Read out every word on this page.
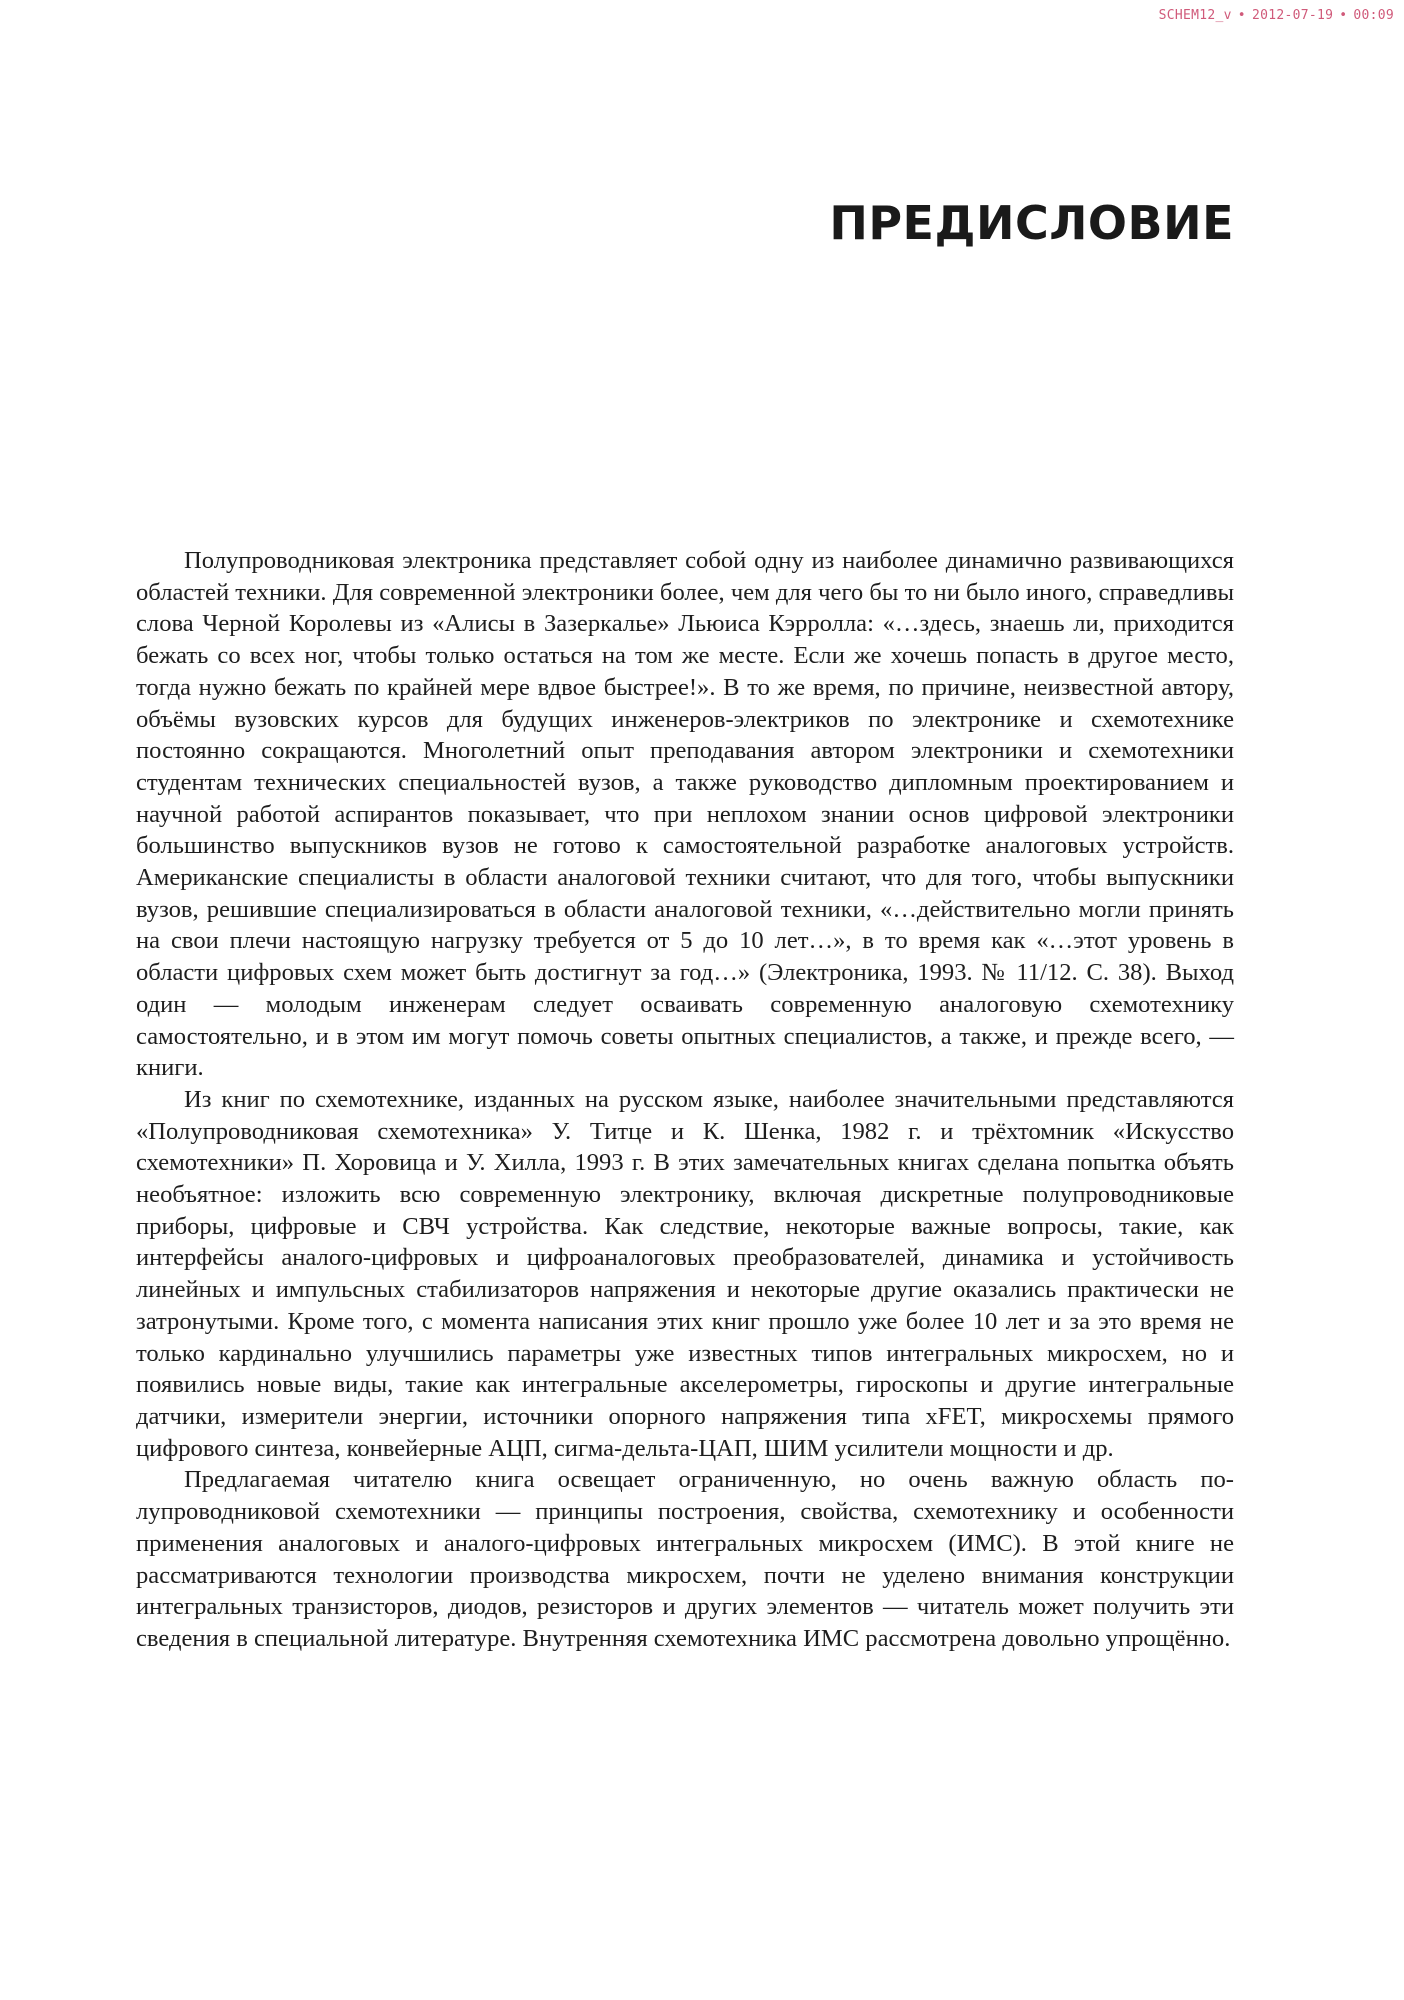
SCHEM12_v • 2012-07-19 • 00:09
ПРЕДИСЛОВИЕ

Полупроводниковая электроника представляет собой одну из наиболее динамично развивающихся областей техники. Для современной электроники более, чем для чего бы то ни было иного, справедливы слова Черной Королевы из «Алисы в Зазеркалье» Льюиса Кэрролла: «…здесь, знаешь ли, приходится бежать со всех ног, чтобы только остаться на том же месте. Если же хочешь попасть в другое место, тогда нужно бежать по крайней мере вдвое быстрее!». В то же время, по причине, неизвестной автору, объёмы вузовских курсов для будущих инженеров-электриков по электронике и схемотехнике постоянно сокращаются. Многолетний опыт преподавания автором электроники и схемотехники студентам технических специальностей вузов, а также руководство дипломным проектированием и научной работой аспирантов показывает, что при неплохом знании основ цифровой электроники большинство выпускников вузов не готово к самостоятельной разработке аналоговых устройств. Американские специалисты в области аналоговой техники считают, что для того, чтобы выпускники вузов, решившие специализироваться в области аналоговой техники, «…действительно могли принять на свои плечи настоящую нагрузку требуется от 5 до 10 лет…», в то время как «…этот уровень в области цифровых схем может быть достигнут за год…» (Электроника, 1993. № 11/12. С. 38). Выход один — молодым инженерам следует осваивать современную аналоговую схемотехнику самостоятельно, и в этом им могут помочь советы опытных специалистов, а также, и прежде всего, — книги.

Из книг по схемотехнике, изданных на русском языке, наиболее значительными представляются «Полупроводниковая схемотехника» У. Титце и К. Шенка, 1982 г. и трёхтомник «Искусство схемотехники» П. Хоровица и У. Хилла, 1993 г. В этих замечательных книгах сделана попытка объять необъятное: изложить всю современную электронику, включая дискретные полупроводниковые приборы, цифровые и СВЧ устройства. Как следствие, некоторые важные вопросы, такие, как интерфейсы аналого-цифровых и цифроаналоговых преобразователей, динамика и устойчивость линейных и импульсных стабилизаторов напряжения и некоторые другие оказались практически не затронутыми. Кроме того, с момента написания этих книг прошло уже более 10 лет и за это время не только кардинально улучшились параметры уже известных типов интегральных микросхем, но и появились новые виды, такие как интегральные акселерометры, гироскопы и другие интегральные датчики, измерители энергии, источники опорного напряжения типа xFET, микросхемы прямого цифрового синтеза, конвейерные АЦП, сигма-дельта-ЦАП, ШИМ усилители мощности и др.

Предлагаемая читателю книга освещает ограниченную, но очень важную область полупроводниковой схемотехники — принципы построения, свойства, схемотехнику и особенности применения аналоговых и аналого-цифровых интегральных микросхем (ИМС). В этой книге не рассматриваются технологии производства микросхем, почти не уделено внимания конструкции интегральных транзисторов, диодов, резисторов и других элементов — читатель может получить эти сведения в специальной литературе. Внутренняя схемотехника ИМС рассмотрена довольно упрощённо.
